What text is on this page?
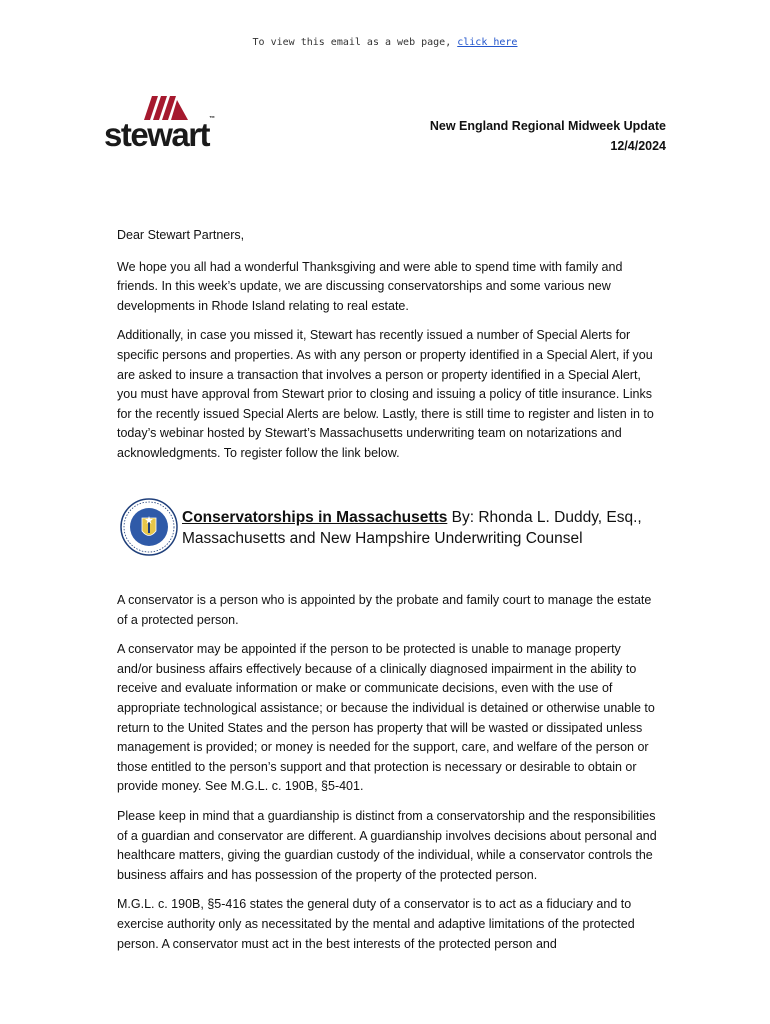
To view this email as a web page, click here
stewart™	New England Regional Midweek Update
12/4/2024

Dear Stewart Partners,

We hope you all had a wonderful Thanksgiving and were able to spend time with family and friends. In this week’s update, we are discussing conservatorships and some various new developments in Rhode Island relating to real estate.

Additionally, in case you missed it, Stewart has recently issued a number of Special Alerts for specific persons and properties. As with any person or property identified in a Special Alert, if you are asked to insure a transaction that involves a person or property identified in a Special Alert, you must have approval from Stewart prior to closing and issuing a policy of title insurance. Links for the recently issued Special Alerts are below. Lastly, there is still time to register and listen in to today’s webinar hosted by Stewart’s Massachusetts underwriting team on notarizations and acknowledgments. To register follow the link below.

Conservatorships in Massachusetts By: Rhonda L. Duddy, Esq., Massachusetts and New Hampshire Underwriting Counsel

A conservator is a person who is appointed by the probate and family court to manage the estate of a protected person.

A conservator may be appointed if the person to be protected is unable to manage property and/or business affairs effectively because of a clinically diagnosed impairment in the ability to receive and evaluate information or make or communicate decisions, even with the use of appropriate technological assistance; or because the individual is detained or otherwise unable to return to the United States and the person has property that will be wasted or dissipated unless management is provided; or money is needed for the support, care, and welfare of the person or those entitled to the person’s support and that protection is necessary or desirable to obtain or provide money. See M.G.L. c. 190B, §5-401.

Please keep in mind that a guardianship is distinct from a conservatorship and the responsibilities of a guardian and conservator are different. A guardianship involves decisions about personal and healthcare matters, giving the guardian custody of the individual, while a conservator controls the business affairs and has possession of the property of the protected person.

M.G.L. c. 190B, §5-416 states the general duty of a conservator is to act as a fiduciary and to exercise authority only as necessitated by the mental and adaptive limitations of the protected person. A conservator must act in the best interests of the protected person and
